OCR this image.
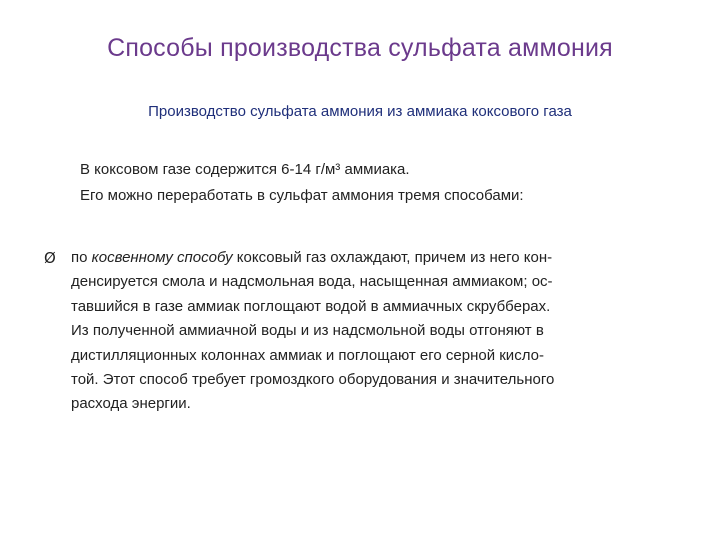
Способы производства сульфата аммония
Производство сульфата аммония из аммиака коксового газа
В коксовом газе содержится 6-14 г/м³ аммиака.
Его можно переработать в сульфат аммония тремя способами:
Ø по косвенному способу коксовый газ охлаждают, причем из него кон-
денсируется смола и надсмольная вода, насыщенная аммиаком; ос-
тавшийся в газе аммиак поглощают водой в аммиачных скрубберах.
Из полученной аммиачной воды и из надсмольной воды отгоняют в
дистилляционных колоннах аммиак и поглощают его серной кисло-
той. Этот способ требует громоздкого оборудования и значительного
расхода энергии.
